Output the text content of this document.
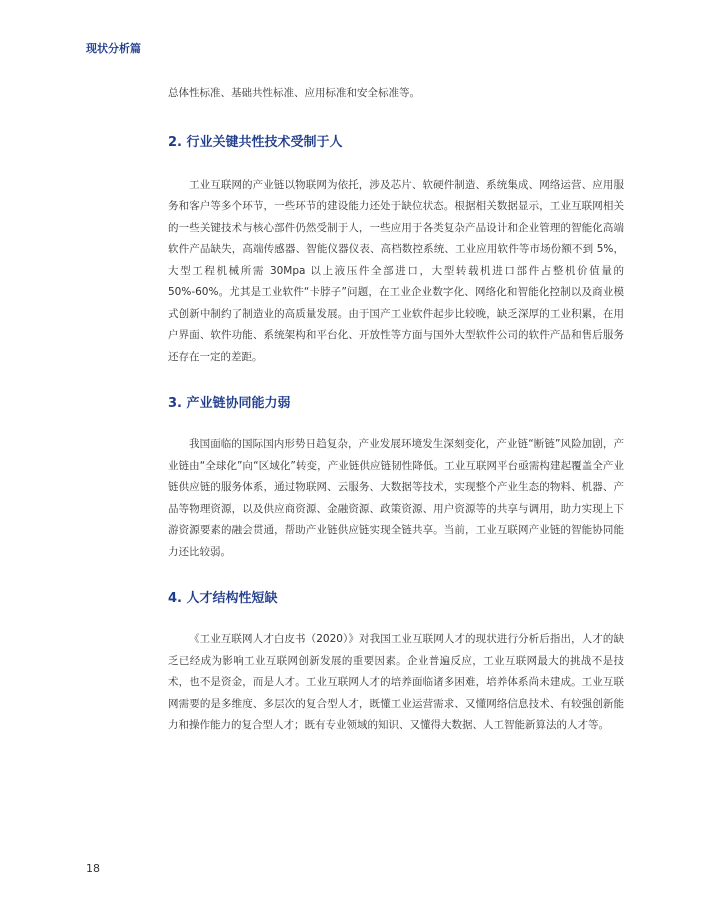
现状分析篇

总体性标准、基础共性标准、应用标准和安全标准等。

2. 行业关键共性技术受制于人

工业互联网的产业链以物联网为依托，涉及芯片、软硬件制造、系统集成、网络运营、应用服务和客户等多个环节，一些环节的建设能力还处于缺位状态。根据相关数据显示，工业互联网相关的一些关键技术与核心部件仍然受制于人，一些应用于各类复杂产品设计和企业管理的智能化高端软件产品缺失，高端传感器、智能仪器仪表、高档数控系统、工业应用软件等市场份额不到 5%，大型工程机械所需 30Mpa 以上液压件全部进口，大型转载机进口部件占整机价值量的 50%-60%。尤其是工业软件“卡脖子”问题，在工业企业数字化、网络化和智能化控制以及商业模式创新中制约了制造业的高质量发展。由于国产工业软件起步比较晚，缺乏深厚的工业积累，在用户界面、软件功能、系统架构和平台化、开放性等方面与国外大型软件公司的软件产品和售后服务还存在一定的差距。

3. 产业链协同能力弱

我国面临的国际国内形势日趋复杂，产业发展环境发生深刻变化，产业链“断链”风险加剧，产业链由“全球化”向“区域化”转变，产业链供应链韧性降低。工业互联网平台亟需构建起覆盖全产业链供应链的服务体系，通过物联网、云服务、大数据等技术，实现整个产业生态的物料、机器、产品等物理资源，以及供应商资源、金融资源、政策资源、用户资源等的共享与调用，助力实现上下游资源要素的融会贯通，帮助产业链供应链实现全链共享。当前，工业互联网产业链的智能协同能力还比较弱。

4. 人才结构性短缺

《工业互联网人才白皮书（2020）》对我国工业互联网人才的现状进行分析后指出，人才的缺乏已经成为影响工业互联网创新发展的重要因素。企业普遍反应，工业互联网最大的挑战不是技术，也不是资金，而是人才。工业互联网人才的培养面临诸多困难，培养体系尚未建成。工业互联网需要的是多维度、多层次的复合型人才，既懂工业运营需求、又懂网络信息技术、有较强创新能力和操作能力的复合型人才；既有专业领域的知识、又懂得大数据、人工智能新算法的人才等。

18
